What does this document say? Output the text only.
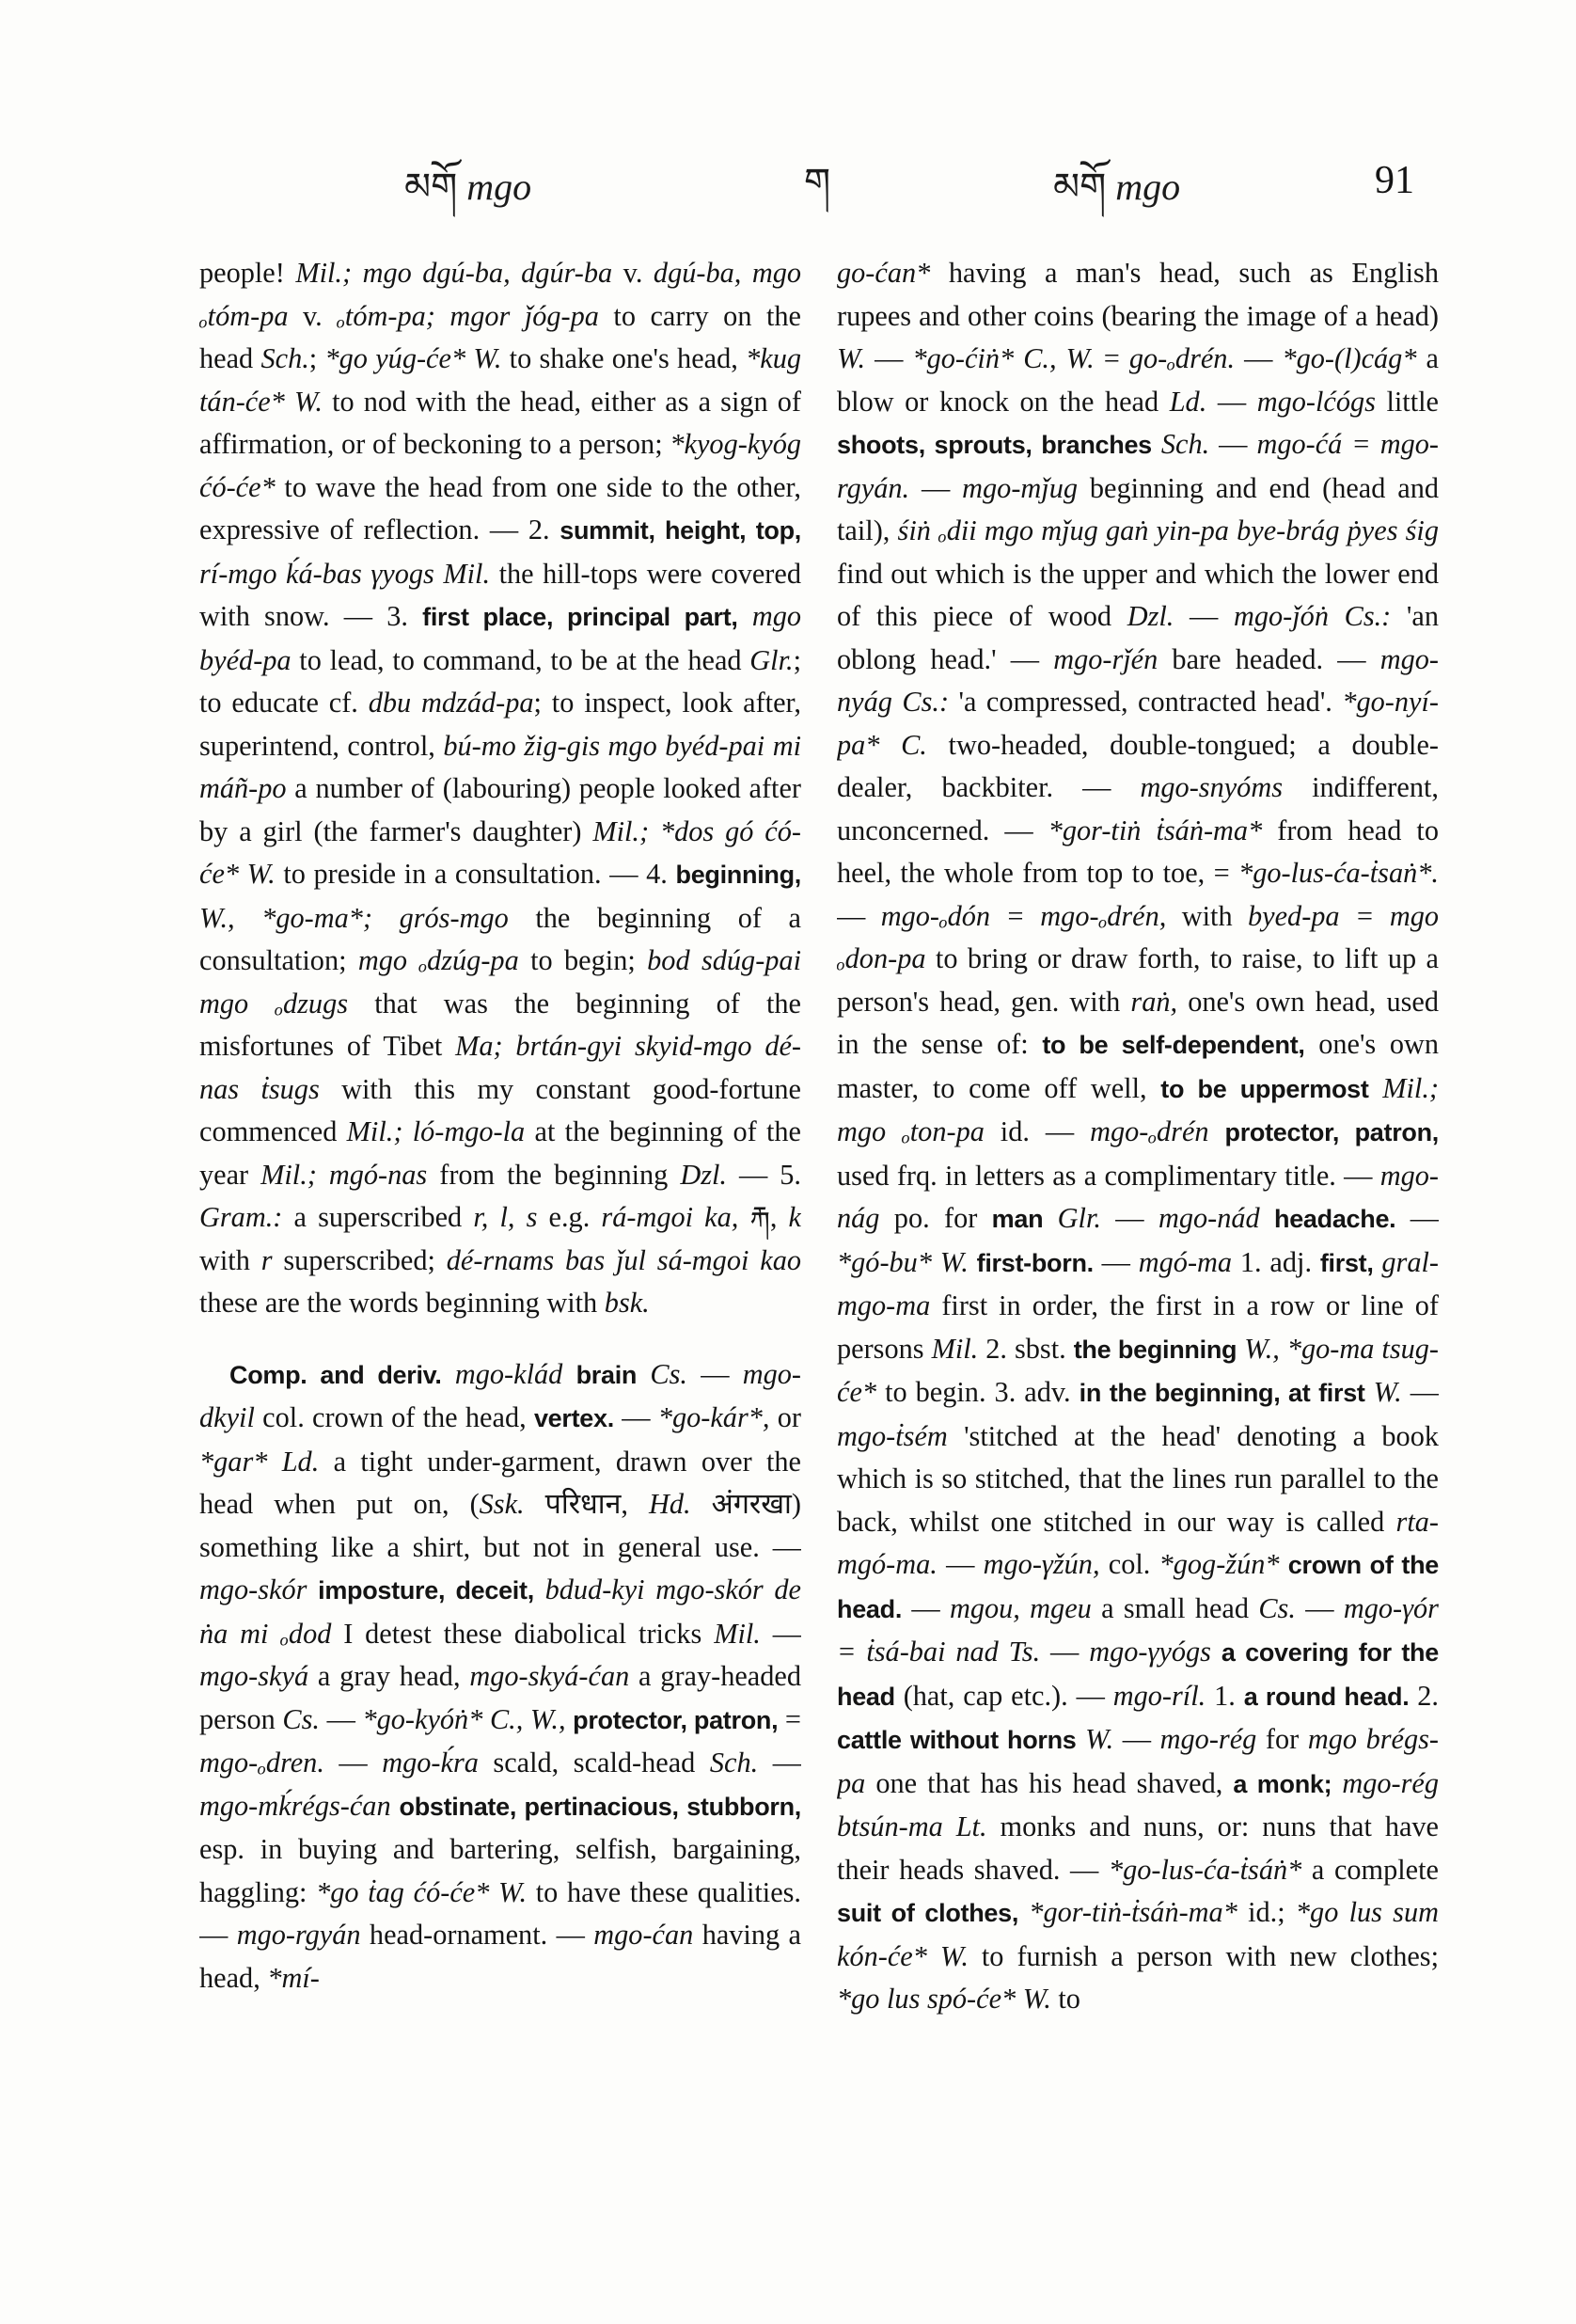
མགོ mgo	ག	མགོ mgo	91

people! Mil.; mgo dgú-ba, dgúr-ba v. dgú-ba, mgo ₒtóm-pa v. ₒtóm-pa; mgor ǰóg-pa to carry on the head Sch.; *go yúg-će* W. to shake one's head, *kug tán-će* W. to nod with the head, either as a sign of affirmation, or of beckoning to a person; *kyog-kyóg ćó-će* to wave the head from one side to the other, expressive of reflection. — 2. summit, height, top, rí-mgo ḱá-bas γyogs Mil. the hill-tops were covered with snow. — 3. first place, principal part, mgo byéd-pa to lead, to command, to be at the head Glr.; to educate cf. dbu mdzád-pa; to inspect, look after, superintend, control, bú-mo žig-gis mgo byéd-pai mi máñ-po a number of (labouring) people looked after by a girl (the farmer's daughter) Mil.; *dos gó ćó-će* W. to preside in a consultation. — 4. beginning, W., *go-ma*; grós-mgo the beginning of a consultation; mgo ₒdzúg-pa to begin; bod sdúg-pai mgo ₒdzugs that was the beginning of the misfortunes of Tibet Ma; brtán-gyi skyid-mgo dé-nas ṫsugs with this my constant good-fortune commenced Mil.; ló-mgo-la at the beginning of the year Mil.; mgó-nas from the beginning Dzl. — 5. Gram.: a superscribed r, l, s e.g. rá-mgoi ka, རྐ, k with r superscribed; dé-rnams bas ǰul sá-mgoi kao these are the words beginning with bsk.

Comp. and deriv. mgo-klád brain Cs. — mgo-dkyil col. crown of the head, vertex. — *go-kár*, or *gar* Ld. a tight under-garment, drawn over the head when put on, (Ssk. परिधान, Hd. अंगरखा) something like a shirt, but not in general use. — mgo-skór imposture, deceit, bdud-kyi mgo-skór de ṅa mi ₒdod I detest these diabolical tricks Mil. — mgo-skyá a gray head, mgo-skyá-ćan a gray-headed person Cs. — *go-kyóṅ* C., W., protector, patron, = mgo-ₒdren. — mgo-ḱra scald, scald-head Sch. — mgo-mḱrégs-ćan obstinate, pertinacious, stubborn, esp. in buying and bartering, selfish, bargaining, haggling: *go ṫag ćó-će* W. to have these qualities. — mgo-rgyán head-ornament. — mgo-ćan having a head, *mí-

go-ćan* having a man's head, such as English rupees and other coins (bearing the image of a head) W. — *go-ćiṅ* C., W. = go-ₒdrén. — *go-(l)cág* a blow or knock on the head Ld. — mgo-lćógs little shoots, sprouts, branches Sch. — mgo-ćá = mgo-rgyán. — mgo-mǰug beginning and end (head and tail), śiṅ ₒdii mgo mǰug gaṅ yin-pa bye-brág ṗyes śig find out which is the upper and which the lower end of this piece of wood Dzl. — mgo-ǰóṅ Cs.: 'an oblong head.' — mgo-rǰén bare headed. — mgo-nyág Cs.: 'a compressed, contracted head'. *go-nyí-pa* C. two-headed, double-tongued; a double-dealer, backbiter. — mgo-snyóms indifferent, unconcerned. — *gor-tiṅ ṫsáṅ-ma* from head to heel, the whole from top to toe, = *go-lus-ća-ṫsaṅ*. — mgo-ₒdón = mgo-ₒdrén, with byed-pa = mgo ₒdon-pa to bring or draw forth, to raise, to lift up a person's head, gen. with raṅ, one's own head, used in the sense of: to be self-dependent, one's own master, to come off well, to be uppermost Mil.; mgo ₒton-pa id. — mgo-ₒdrén protector, patron, used frq. in letters as a complimentary title. — mgo-nág po. for man Glr. — mgo-nád headache. — *gó-bu* W. first-born. — mgó-ma 1. adj. first, gral-mgo-ma first in order, the first in a row or line of persons Mil. 2. sbst. the beginning W., *go-ma tsug-će* to begin. 3. adv. in the beginning, at first W. — mgo-ṫsém 'stitched at the head' denoting a book which is so stitched, that the lines run parallel to the back, whilst one stitched in our way is called rta-mgó-ma. — mgo-γžún, col. *gog-žún* crown of the head. — mgou, mgeu a small head Cs. — mgo-γór = ṫsá-bai nad Ts. — mgo-γyógs a covering for the head (hat, cap etc.). — mgo-ríl. 1. a round head. 2. cattle without horns W. — mgo-rég for mgo brégs-pa one that has his head shaved, a monk; mgo-rég btsún-ma Lt. monks and nuns, or: nuns that have their heads shaved. — *go-lus-ća-ṫsáṅ* a complete suit of clothes, *gor-tiṅ-ṫsáṅ-ma* id.; *go lus sum kón-će* W. to furnish a person with new clothes; *go lus spó-će* W. to
